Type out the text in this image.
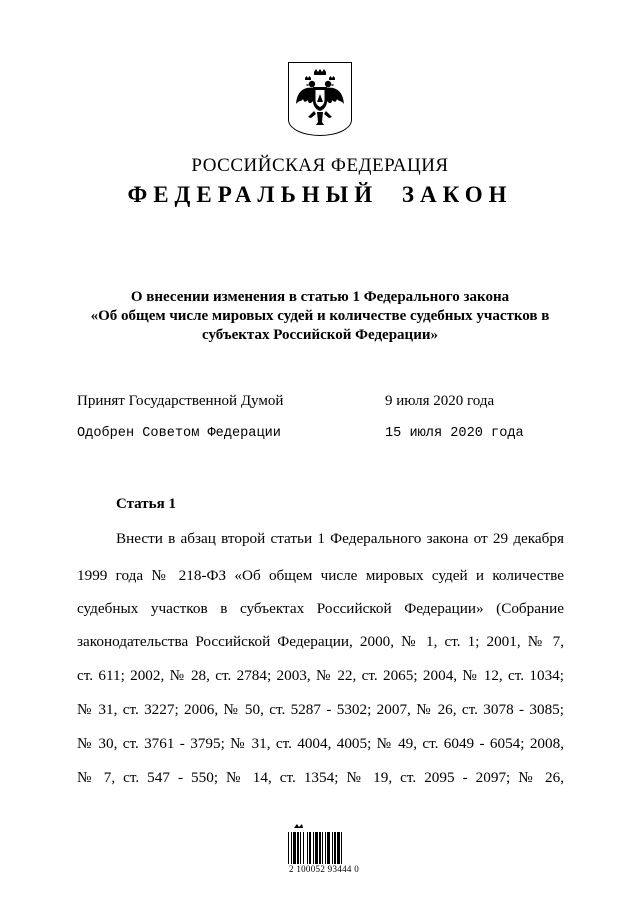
РОССИЙСКАЯ ФЕДЕРАЦИЯ
ФЕДЕРАЛЬНЫЙ ЗАКОН
О внесении изменения в статью 1 Федерального закона
«Об общем числе мировых судей и количестве судебных участков в
субъектах Российской Федерации»
Принят Государственной Думой	9 июля 2020 года
Одобрен Советом Федерации	15 июля 2020 года
Статья 1
Внести в абзац второй статьи 1 Федерального закона от 29 декабря
1999 года № 218-ФЗ «Об общем числе мировых судей и количестве
судебных участков в субъектах Российской Федерации» (Собрание
законодательства Российской Федерации, 2000, № 1, ст. 1; 2001, № 7,
ст. 611; 2002, № 28, ст. 2784; 2003, № 22, ст. 2065; 2004, № 12, ст. 1034;
№ 31, ст. 3227; 2006, № 50, ст. 5287 - 5302; 2007, № 26, ст. 3078 - 3085;
№ 30, ст. 3761 - 3795; № 31, ст. 4004, 4005; № 49, ст. 6049 - 6054; 2008,
№ 7, ст. 547 - 550; № 14, ст. 1354; № 19, ст. 2095 - 2097; № 26,
2 100052 93444 0
